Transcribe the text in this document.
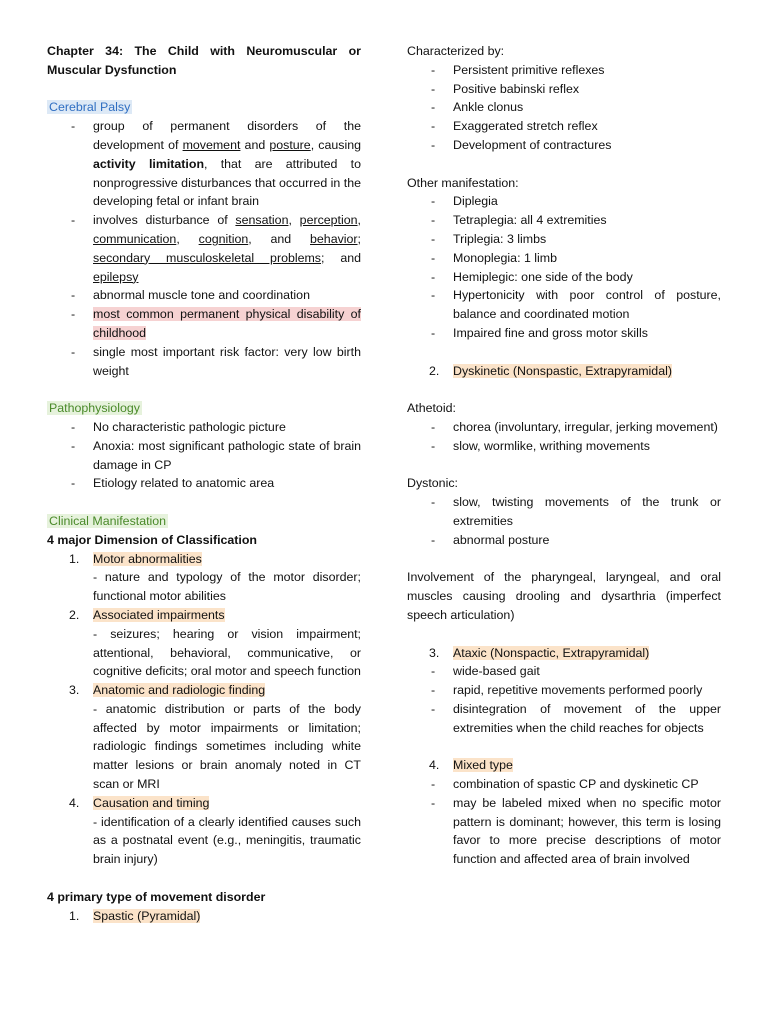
Chapter 34: The Child with Neuromuscular or Muscular Dysfunction
Cerebral Palsy
- group of permanent disorders of the development of movement and posture, causing activity limitation, that are attributed to nonprogressive disturbances that occurred in the developing fetal or infant brain
- involves disturbance of sensation, perception, communication, cognition, and behavior; secondary musculoskeletal problems; and epilepsy
- abnormal muscle tone and coordination
- most common permanent physical disability of childhood
- single most important risk factor: very low birth weight
Pathophysiology
- No characteristic pathologic picture
- Anoxia: most significant pathologic state of brain damage in CP
- Etiology related to anatomic area
Clinical Manifestation
4 major Dimension of Classification
1. Motor abnormalities
- nature and typology of the motor disorder; functional motor abilities
2. Associated impairments
- seizures; hearing or vision impairment; attentional, behavioral, communicative, or cognitive deficits; oral motor and speech function
3. Anatomic and radiologic finding
- anatomic distribution or parts of the body affected by motor impairments or limitation; radiologic findings sometimes including white matter lesions or brain anomaly noted in CT scan or MRI
4. Causation and timing
- identification of a clearly identified causes such as a postnatal event (e.g., meningitis, traumatic brain injury)
4 primary type of movement disorder
1. Spastic (Pyramidal)
Characterized by:
- Persistent primitive reflexes
- Positive babinski reflex
- Ankle clonus
- Exaggerated stretch reflex
- Development of contractures
Other manifestation:
- Diplegia
- Tetraplegia: all 4 extremities
- Triplegia: 3 limbs
- Monoplegia: 1 limb
- Hemiplegic: one side of the body
- Hypertonicity with poor control of posture, balance and coordinated motion
- Impaired fine and gross motor skills
2. Dyskinetic (Nonspastic, Extrapyramidal)
Athetoid:
- chorea (involuntary, irregular, jerking movement)
- slow, wormlike, writhing movements
Dystonic:
- slow, twisting movements of the trunk or extremities
- abnormal posture
Involvement of the pharyngeal, laryngeal, and oral muscles causing drooling and dysarthria (imperfect speech articulation)
3. Ataxic (Nonspactic, Extrapyramidal)
- wide-based gait
- rapid, repetitive movements performed poorly
- disintegration of movement of the upper extremities when the child reaches for objects
4. Mixed type
- combination of spastic CP and dyskinetic CP
- may be labeled mixed when no specific motor pattern is dominant; however, this term is losing favor to more precise descriptions of motor function and affected area of brain involved
